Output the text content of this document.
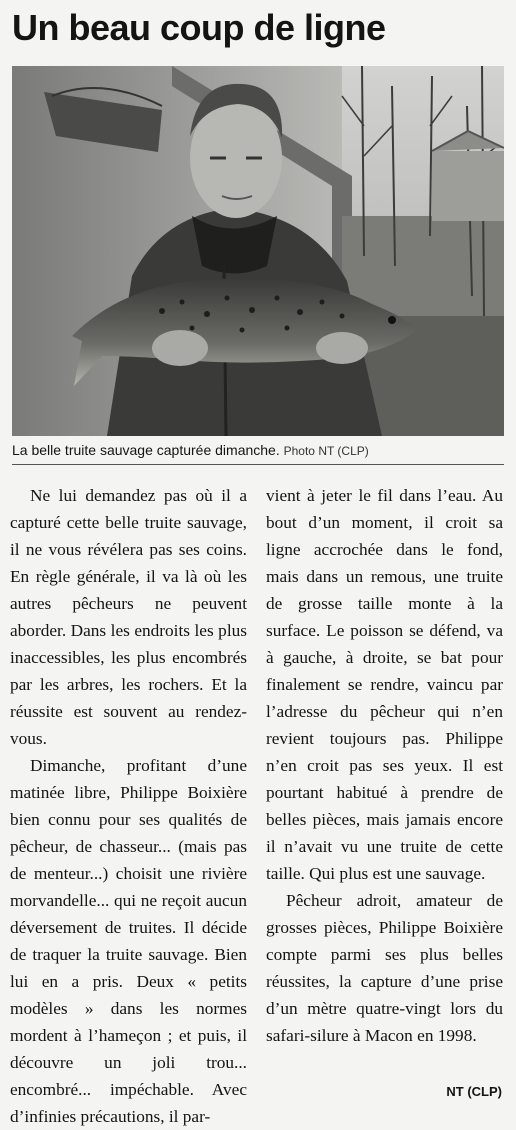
Un beau coup de ligne
La belle truite sauvage capturée dimanche. Photo NT (CLP)

Ne lui demandez pas où il a capturé cette belle truite sauvage, il ne vous révélera pas ses coins. En règle générale, il va là où les autres pêcheurs ne peuvent aborder. Dans les endroits les plus inaccessibles, les plus encombrés par les arbres, les rochers. Et la réussite est souvent au rendez-vous.

Dimanche, profitant d’une matinée libre, Philippe Boixière bien connu pour ses qualités de pêcheur, de chasseur... (mais pas de menteur...) choisit une rivière morvandelle... qui ne reçoit aucun déversement de truites. Il décide de traquer la truite sauvage. Bien lui en a pris. Deux « petits modèles » dans les normes mordent à l’hameçon ; et puis, il découvre un joli trou... encombré... impéchable. Avec d’infinies précautions, il par-

vient à jeter le fil dans l’eau. Au bout d’un moment, il croit sa ligne accrochée dans le fond, mais dans un remous, une truite de grosse taille monte à la surface. Le poisson se défend, va à gauche, à droite, se bat pour finalement se rendre, vaincu par l’adresse du pêcheur qui n’en revient toujours pas. Philippe n’en croit pas ses yeux. Il est pourtant habitué à prendre de belles pièces, mais jamais encore il n’avait vu une truite de cette taille. Qui plus est une sauvage.

Pêcheur adroit, amateur de grosses pièces, Philippe Boixière compte parmi ses plus belles réussites, la capture d’une prise d’un mètre quatre-vingt lors du safari-silure à Macon en 1998.

NT (CLP)
